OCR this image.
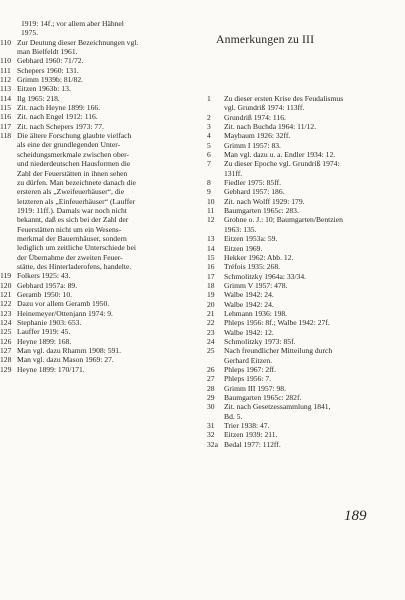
1919: 14f.; vor allem aber Hähnel
1975.
110 Zur Deutung dieser Bezeichnungen vgl.
man Bielfeldt 1961.
110 Gebhard 1960: 71/72.
111 Schepers 1960: 131.
112 Grimm 1939b: 81/82.
113 Eitzen 1963b: 13.
114 Ilg 1965: 218.
115 Zit. nach Heyne 1899: 166.
116 Zit. nach Engel 1912: 116.
117 Zit. nach Schepers 1973: 77.
118 Die ältere Forschung glaubte vielfach
als eine der grundlegenden Unter-
scheidungsmerkmale zwischen ober-
und niederdeutschen Hausformen die
Zahl der Feuerstätten in ihnen sehen
zu dürfen. Man bezeichnete danach die
ersteren als „Zweifeuerhäuser“, die
letzteren als „Einfeuerhäuser“ (Lauffer
1919: 11ff.). Damals war noch nicht
bekannt, daß es sich bei der Zahl der
Feuerstätten nicht um ein Wesens-
merkmal der Bauernhäuser, sondern
lediglich um zeitliche Unterschiede bei
der Übernahme der zweiten Feuer-
stätte, des Hinterladerofens, handelte.
119 Folkers 1925: 43.
120 Gebhard 1957a: 89.
121 Geramb 1950: 10.
122 Dazu vor allem Geramb 1950.
123 Heinemeyer/Ottenjann 1974: 9.
124 Stephanie 1903: 653.
125 Lauffer 1919: 45.
126 Heyne 1899: 168.
127 Man vgl. dazu Rhamm 1908: 591.
128 Man vgl. dazu Mason 1969: 27.
129 Heyne 1899: 170/171.
Anmerkungen zu III
1	Zu dieser ersten Krise des Feudalismus
vgl. Grundriß 1974: 113ff.
2	Grundriß 1974: 116.
3	Zit. nach Buchda 1964: 11/12.
4	Maybaum 1926: 32ff.
5	Grimm I 1957: 83.
6	Man vgl. dazu u. a. Endler 1934: 12.
7	Zu dieser Epoche vgl. Grundriß 1974:
131ff.
8	Fiedler 1975: 85ff.
9	Gebhard 1957: 186.
10	Zit. nach Wolff 1929: 179.
11	Baumgarten 1965c: 283.
12	Grohne o. J.: 10; Baumgarten/Bentzien
1963: 135.
13	Eitzen 1953a: 59.
14	Eitzen 1969.
15	Hekker 1962: Abb. 12.
16	Tréfois 1935: 268.
17	Schmolitzky 1964a: 33/34.
18	Grimm V 1957: 478.
19	Walbe 1942: 24.
20	Walbe 1942: 24.
21	Lehmann 1936: 198.
22	Phleps 1956: 8f.; Walbe 1942: 27f.
23	Walbe 1942: 12.
24	Schmolitzky 1973: 85f.
25	Nach freundlicher Mitteilung durch
Gerhard Eitzen.
26	Phleps 1967: 2ff.
27	Phleps 1956: 7.
28	Grimm III 1957: 98.
29	Baumgarten 1965c: 282f.
30	Zit. nach Gesetzessammlung 1841,
Bd. 5.
31	Trier 1938: 47.
32	Eitzen 1939: 211.
32a Bedal 1977: 112ff.
189
